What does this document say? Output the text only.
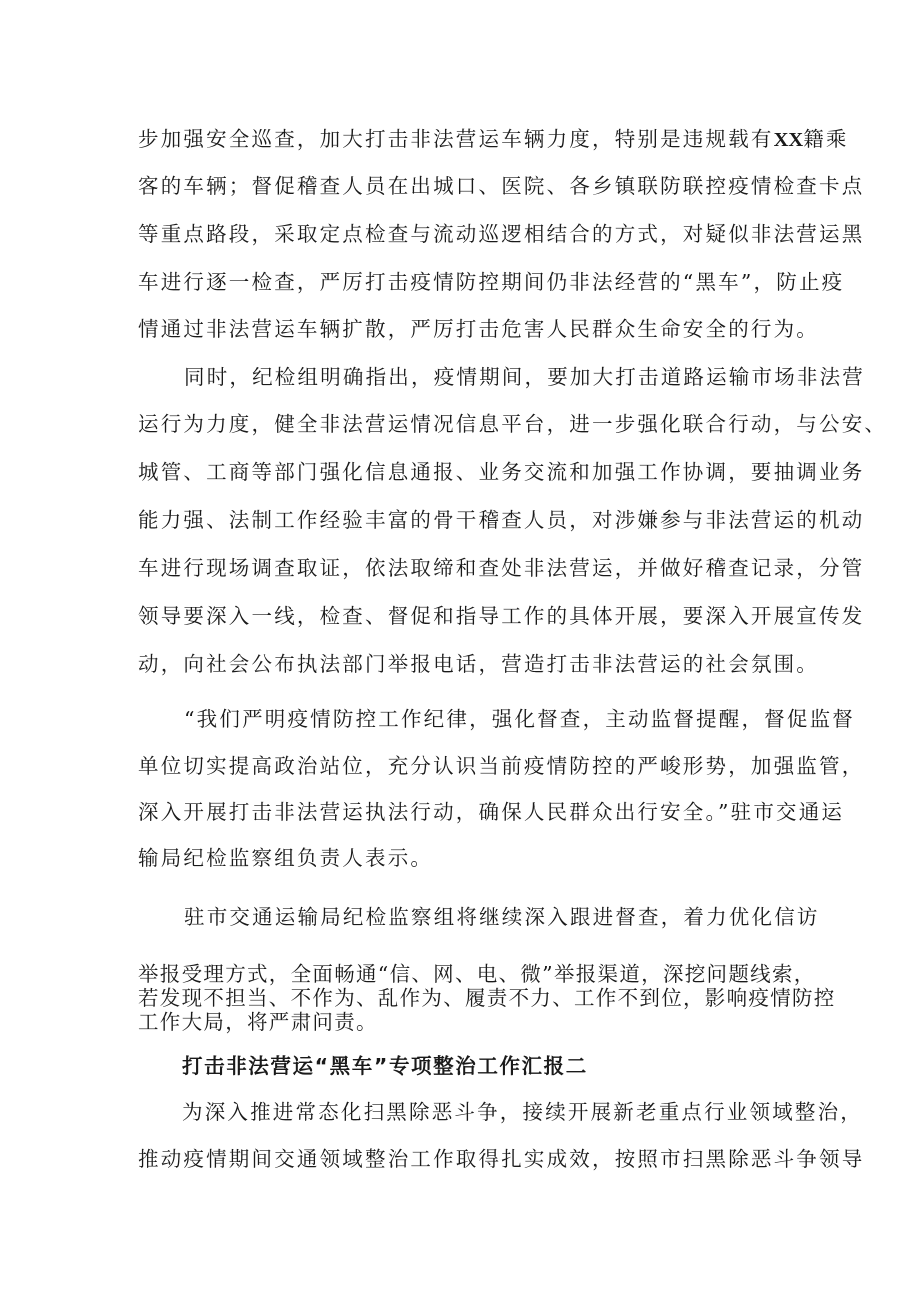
步加强安全巡查，加大打击非法营运车辆力度，特别是违规载有XX籍乘
客的车辆；督促稽查人员在出城口、医院、各乡镇联防联控疫情检查卡点
等重点路段，采取定点检查与流动巡逻相结合的方式，对疑似非法营运黑
车进行逐一检查，严厉打击疫情防控期间仍非法经营的“黑车”，防止疫
情通过非法营运车辆扩散，严厉打击危害人民群众生命安全的行为。
同时，纪检组明确指出，疫情期间，要加大打击道路运输市场非法营
运行为力度，健全非法营运情况信息平台，进一步强化联合行动，与公安、
城管、工商等部门强化信息通报、业务交流和加强工作协调，要抽调业务
能力强、法制工作经验丰富的骨干稽查人员，对涉嫌参与非法营运的机动
车进行现场调查取证，依法取缔和查处非法营运，并做好稽查记录，分管
领导要深入一线，检查、督促和指导工作的具体开展，要深入开展宣传发
动，向社会公布执法部门举报电话，营造打击非法营运的社会氛围。
“我们严明疫情防控工作纪律，强化督查，主动监督提醒，督促监督
单位切实提高政治站位，充分认识当前疫情防控的严峻形势，加强监管，
深入开展打击非法营运执法行动，确保人民群众出行安全。”驻市交通运
输局纪检监察组负责人表示。
驻市交通运输局纪检监察组将继续深入跟进督查，着力优化信访
举报受理方式，全面畅通“信、网、电、微”举报渠道，深挖问题线索，
若发现不担当、不作为、乱作为、履责不力、工作不到位，影响疫情防控
工作大局，将严肃问责。
打击非法营运“黑车”专项整治工作汇报二
为深入推进常态化扫黑除恶斗争，接续开展新老重点行业领域整治，
推动疫情期间交通领域整治工作取得扎实成效，按照市扫黑除恶斗争领导
